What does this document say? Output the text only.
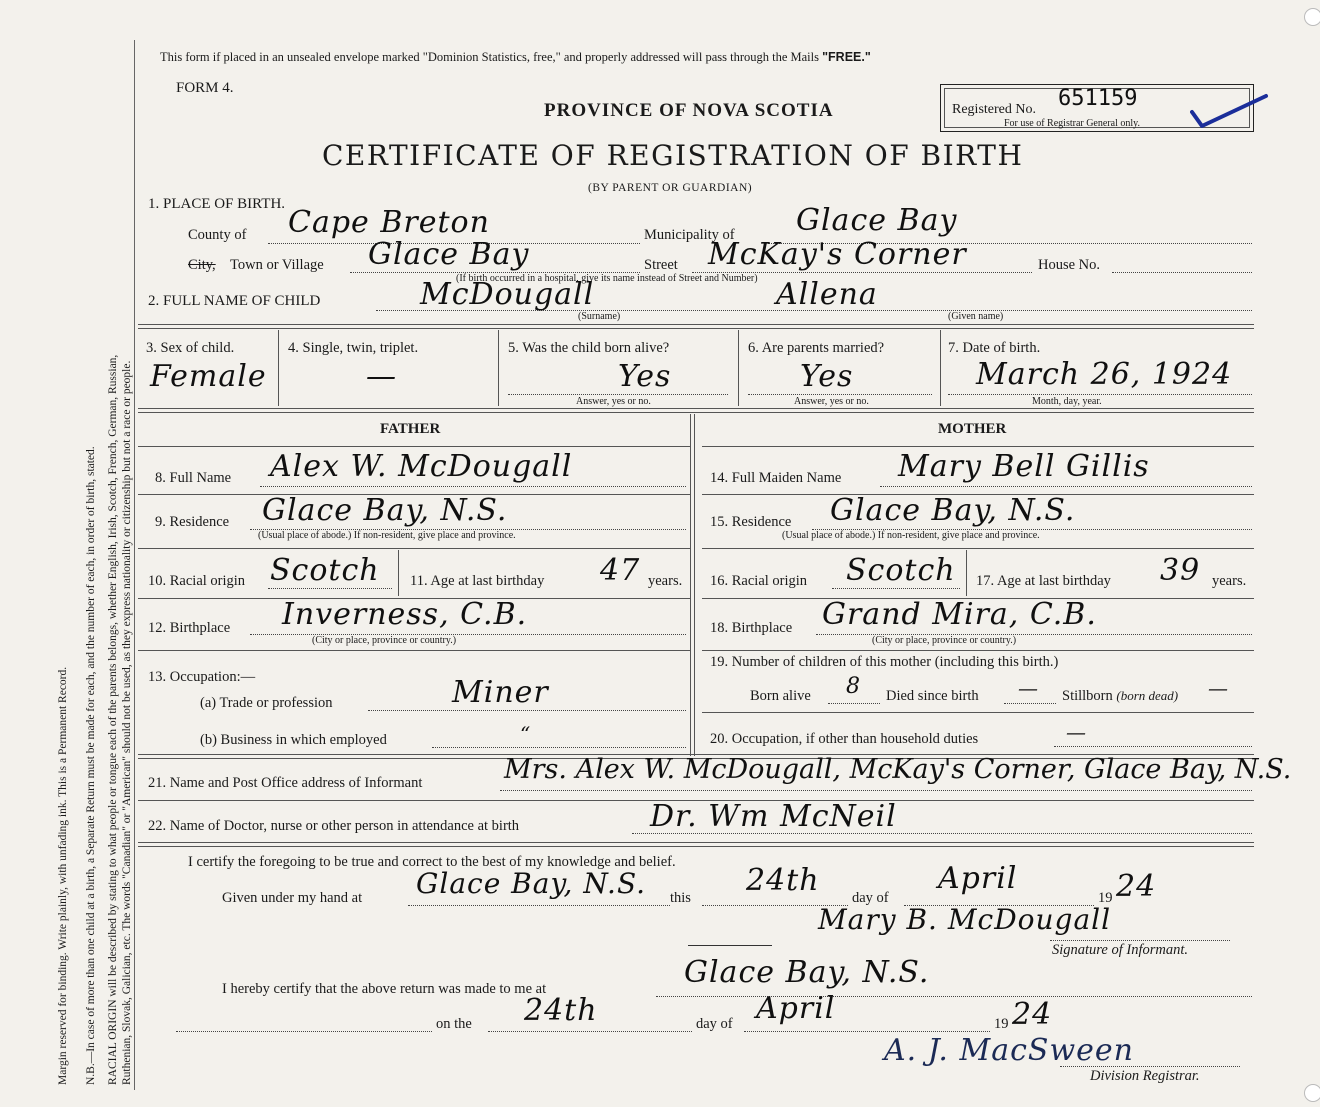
Margin reserved for binding. Write plainly, with unfading ink. This is a Permanent Record. N.B.—In case of more than one child at a birth, a Separate Return must be made for each, and the number of each, in order of birth, stated. RACIAL ORIGIN will be described by stating to what people or tongue each of the parents belongs, whether English, Irish, Scotch, French, German, Russian, Ruthenian, Slovak, Galician, etc. The words "Canadian" or "American" should not be used, as they express nationality or citizenship but not a race or people.
This form if placed in an unsealed envelope marked "Dominion Statistics, free," and properly addressed will pass through the Mails "FREE."
FORM 4.
PROVINCE OF NOVA SCOTIA
CERTIFICATE OF REGISTRATION OF BIRTH
(BY PARENT OR GUARDIAN)
Registered No. 651159
For use of Registrar General only.
1. PLACE OF BIRTH.
County of Cape Breton	Municipality of Glace Bay
City, Town or Village Glace Bay	Street McKay's Corner	House No.
(If birth occurred in a hospital, give its name instead of Street and Number)
2. FULL NAME OF CHILD	McDougall	Allena
(Surname)	(Given name)
3. Sex of child.
Female
4. Single, twin, triplet.
—
5. Was the child born alive?
Yes
Answer, yes or no.
6. Are parents married?
Yes
Answer, yes or no.
7. Date of birth.
March 26, 1924
Month, day, year.
FATHER	MOTHER
8. Full Name Alex W. McDougall
9. Residence Glace Bay, N.S.
(Usual place of abode.) If non-resident, give place and province.
10. Racial origin Scotch 11. Age at last birthday 47 years.
12. Birthplace Inverness, C.B.
(City or place, province or country.)
13. Occupation:—
(a) Trade or profession	Miner
(b) Business in which employed	“
14. Full Maiden Name Mary Bell Gillis
15. Residence Glace Bay, N.S.
(Usual place of abode.) If non-resident, give place and province.
16. Racial origin Scotch 17. Age at last birthday 39 years.
18. Birthplace Grand Mira, C.B.
(City or place, province or country.)
19. Number of children of this mother (including this birth.)
Born alive 8 Died since birth — Stillborn (born dead) —
20. Occupation, if other than household duties	—
21. Name and Post Office address of Informant	Mrs. Alex W. McDougall, McKay's Corner, Glace Bay, N.S.
22. Name of Doctor, nurse or other person in attendance at birth	Dr. Wm McNeil
I certify the foregoing to be true and correct to the best of my knowledge and belief.
Given under my hand at Glace Bay, N.S. this 24th day of
April
19 24
Mary B. McDougall
Signature of Informant.
I hereby certify that the above return was made to me at	Glace Bay, N.S.
on the 24th	day of April	19 24
A. J. MacSween
Division Registrar.
